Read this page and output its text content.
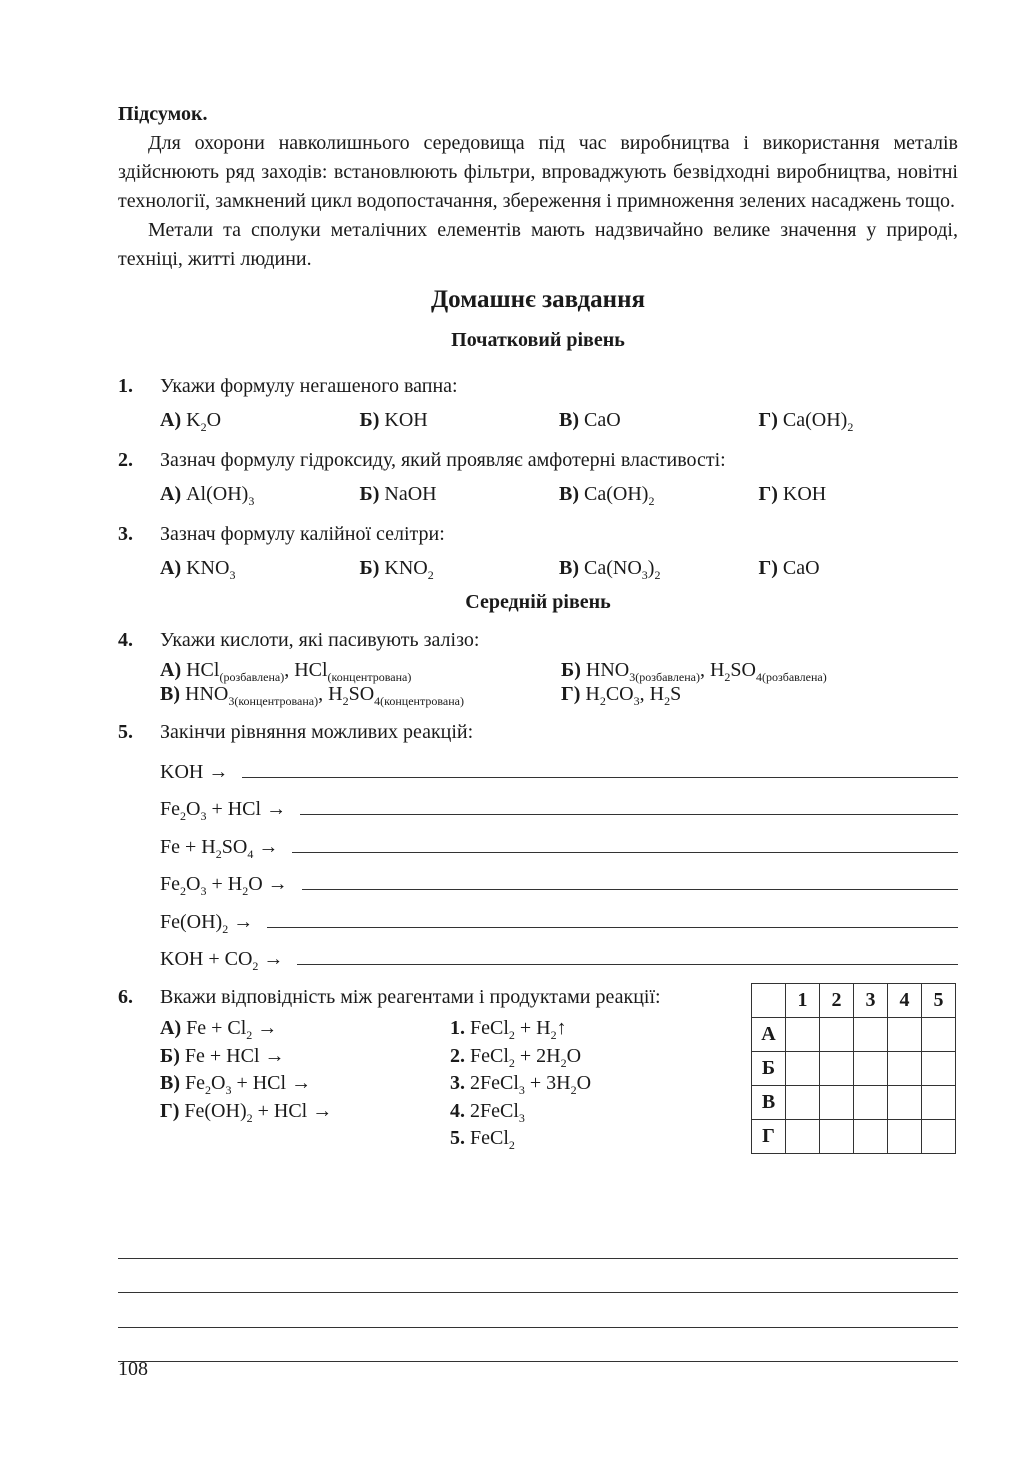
Підсумок.

Для охорони навколишнього середовища під час виробництва і використання металів здійснюють ряд заходів: встановлюють фільтри, впроваджують безвідходні виробництва, новітні технології, замкнений цикл водопостачання, збереження і примноження зелених насаджень тощо.

Метали та сполуки металічних елементів мають надзвичайно велике значення у природі, техніці, житті людини.

Домашнє завдання
Початковий рівень
1.	Укажи формулу негашеного вапна:
А) $K_2O$	Б) KOH	В) CaO	Г) $Ca(OH)_2$
2.	Зазнач формулу гідроксиду, який проявляє амфотерні властивості:
А) $Al(OH)_3$	Б) NaOH	В) $Ca(OH)_2$	Г) KOH
3.	Зазнач формулу калійної селітри:
А) $KNO_3$	Б) $KNO_2$	В) $Ca(NO_3)_2$	Г) CaO
Середній рівень
4.	Укажи кислоти, які пасивують залізо:
А) HCl$_{(розбавлена)}$, HCl$_{(концентрована)}$	Б) $HNO_{3(розбавлена)}$, $H_2SO_{4(розбавлена)}$
В) $HNO_{3(концентрована)}$, $H_2SO_{4(концентрована)}$	Г) $H_2CO_3$, $H_2S$
5.	Закінчи рівняння можливих реакцій:
KOH →
$Fe_2O_3$ + HCl →
$Fe + H_2SO_4$ →
$Fe_2O_3 + H_2O$ →
$Fe(OH)_2$ →
KOH + $CO_2$ →
6.	Вкажи відповідність між реагентами і продуктами реакції:
А) $Fe + Cl_2$ →
Б) Fe + HCl →
В) $Fe_2O_3$ + HCl →
Г) $Fe(OH)_2$ + HCl →
1. FeCl$_2$ + $H_2↑$
2. FeCl$_2$ + $2H_2O$
3. 2FeCl$_3$ + $3H_2O$
4. 2FeCl$_3$
5. FeCl$_2$
	1	2	3	4	5
А					
Б					
В					
Г					
108
